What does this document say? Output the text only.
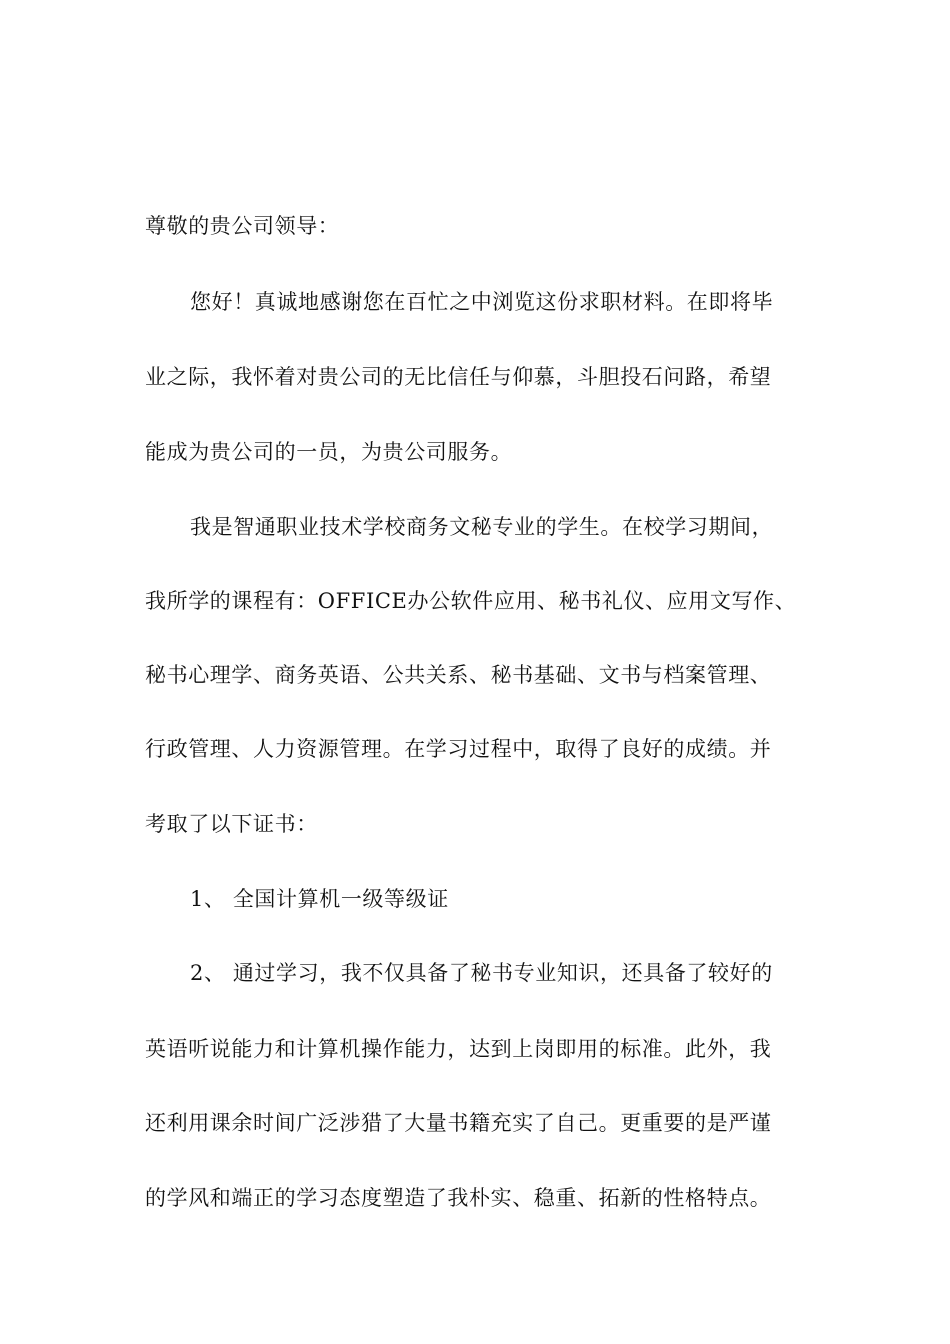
尊敬的贵公司领导：
您好！真诚地感谢您在百忙之中浏览这份求职材料。在即将毕
业之际，我怀着对贵公司的无比信任与仰慕，斗胆投石问路，希望
能成为贵公司的一员，为贵公司服务。
我是智通职业技术学校商务文秘专业的学生。在校学习期间，
我所学的课程有：OFFICE办公软件应用、秘书礼仪、应用文写作、
秘书心理学、商务英语、公共关系、秘书基础、文书与档案管理、
行政管理、人力资源管理。在学习过程中，取得了良好的成绩。并
考取了以下证书：
1、 全国计算机一级等级证
2、 通过学习，我不仅具备了秘书专业知识，还具备了较好的
英语听说能力和计算机操作能力，达到上岗即用的标准。此外，我
还利用课余时间广泛涉猎了大量书籍充实了自己。更重要的是严谨
的学风和端正的学习态度塑造了我朴实、稳重、拓新的性格特点。
